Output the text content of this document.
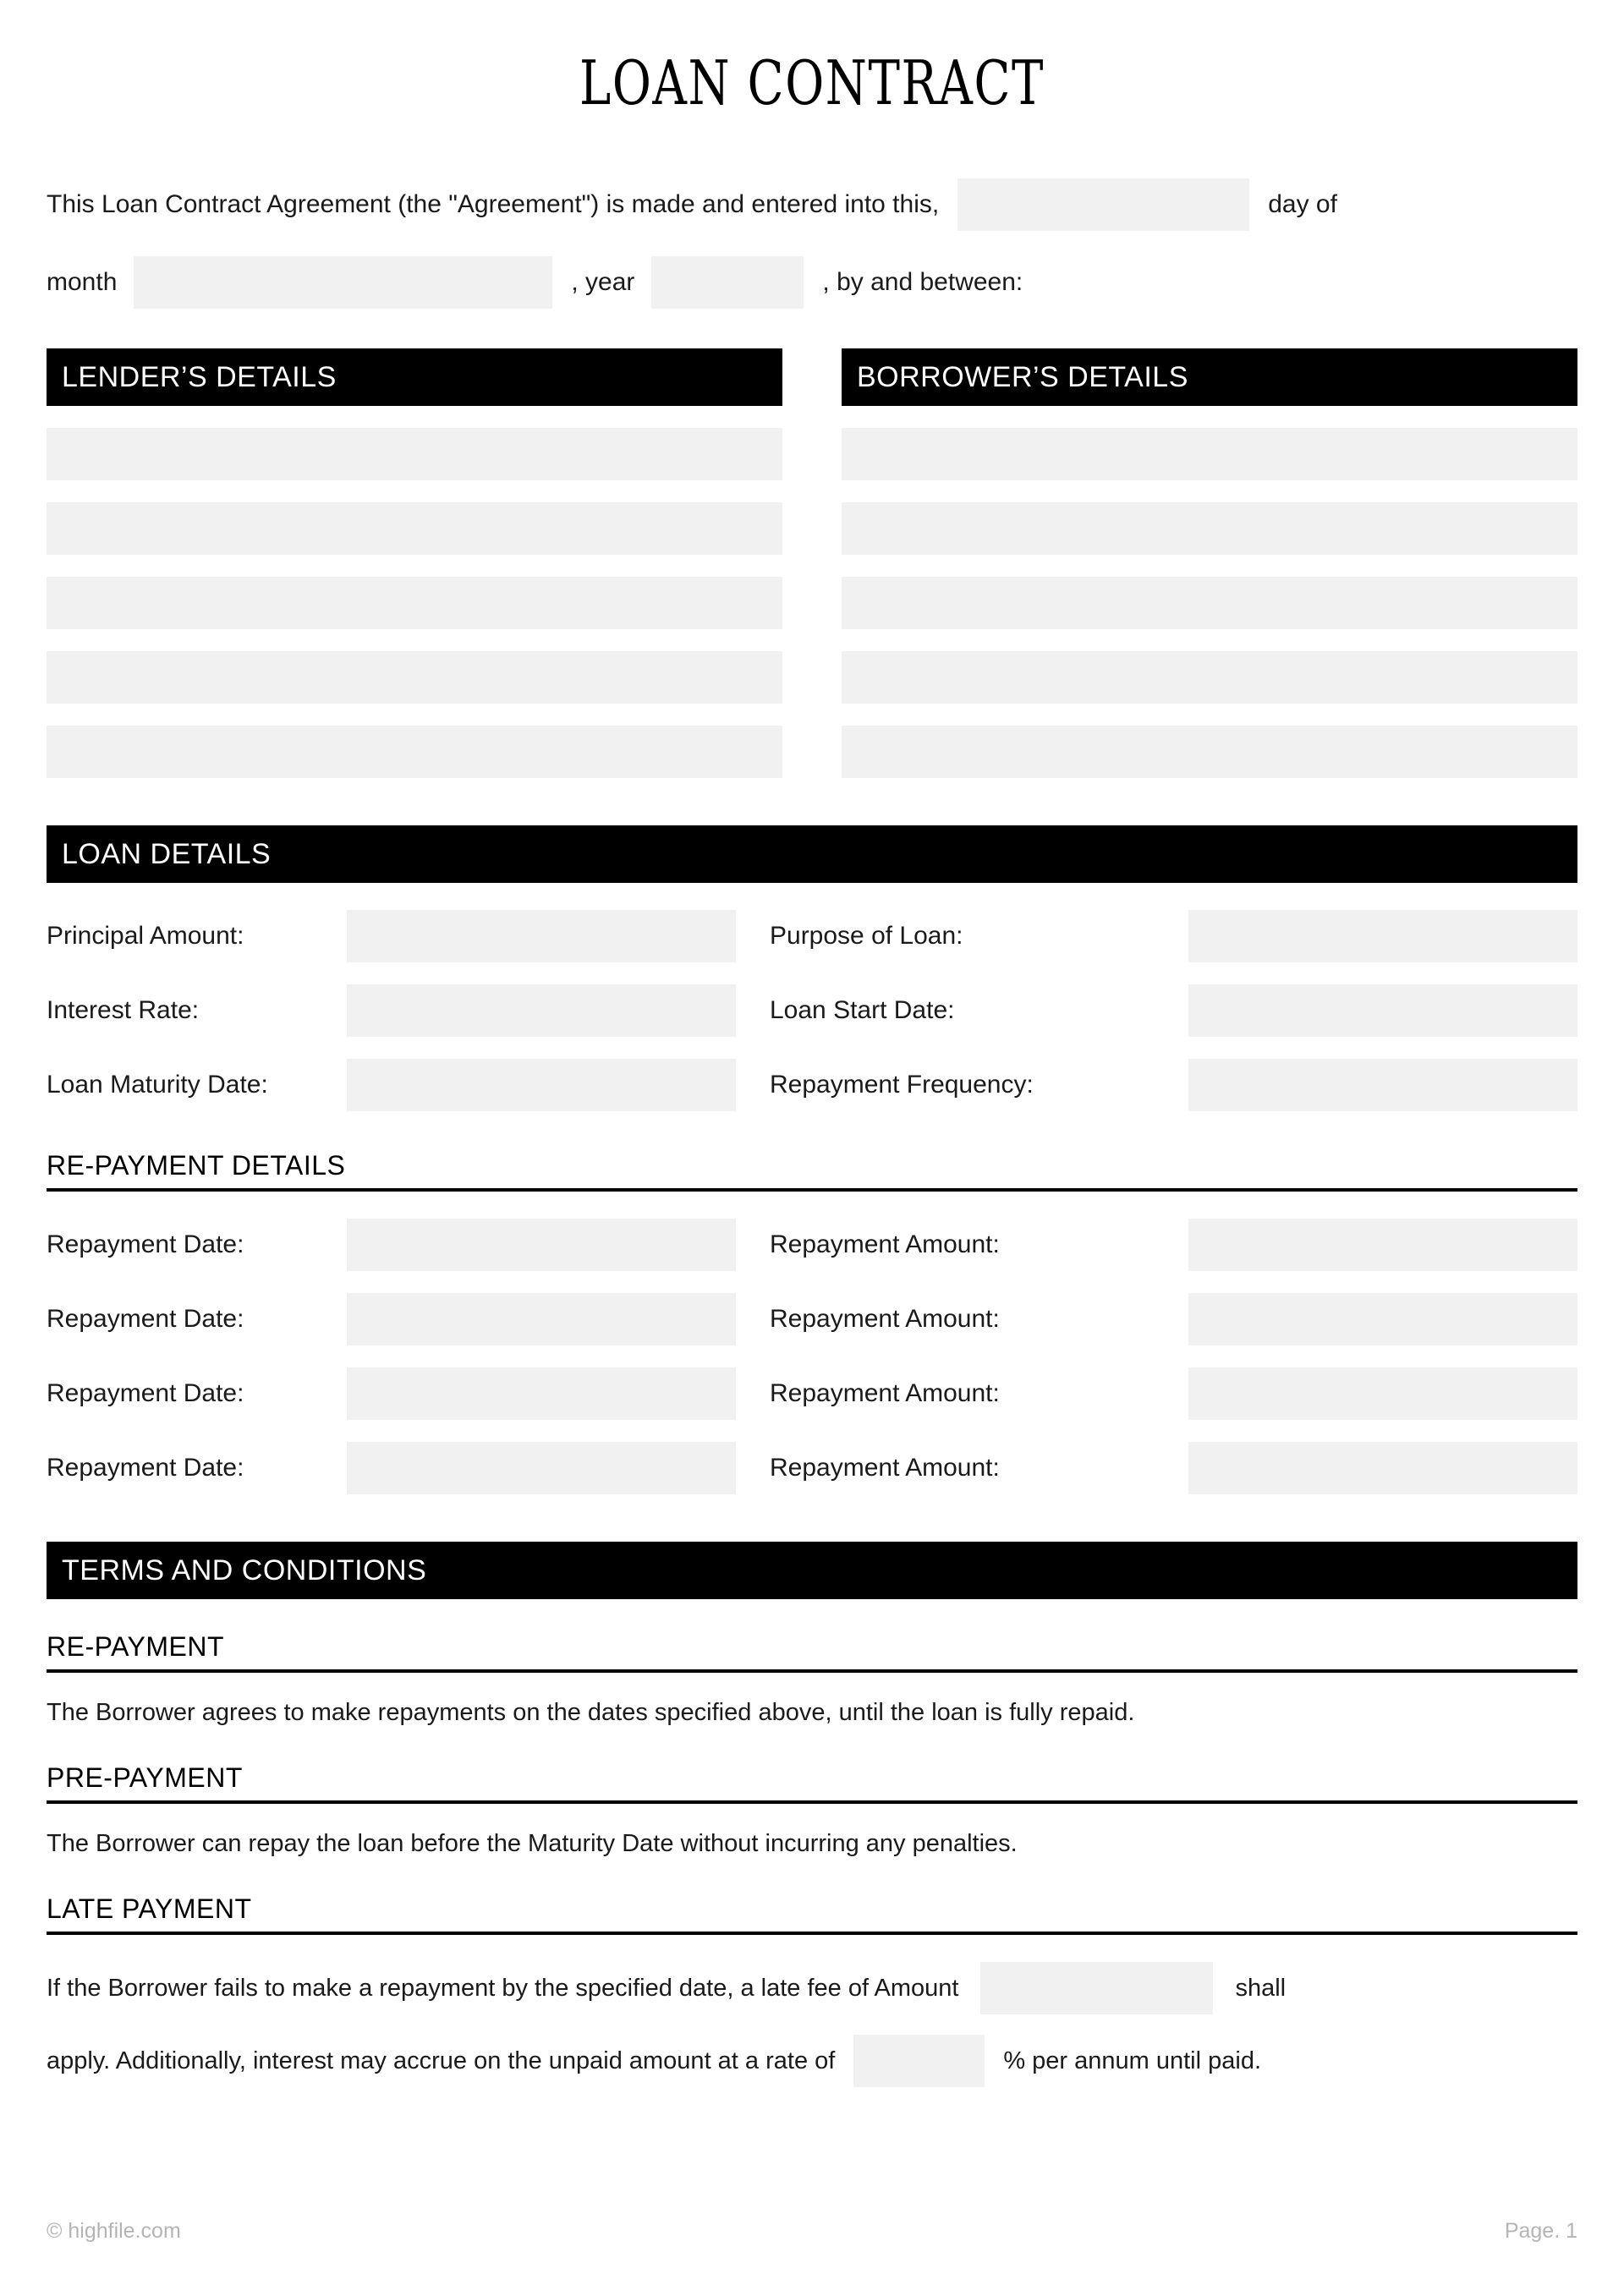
LOAN CONTRACT
This Loan Contract Agreement (the "Agreement") is made and entered into this,	day of
month	, year	, by and between:
LENDER’S DETAILS	BORROWER’S DETAILS
LOAN DETAILS
Principal Amount:	Purpose of Loan:
Interest Rate:	Loan Start Date:
Loan Maturity Date:	Repayment Frequency:
RE-PAYMENT DETAILS
Repayment Date:	Repayment Amount:
Repayment Date:	Repayment Amount:
Repayment Date:	Repayment Amount:
Repayment Date:	Repayment Amount:
TERMS AND CONDITIONS
RE-PAYMENT

The Borrower agrees to make repayments on the dates specified above, until the loan is fully repaid.

PRE-PAYMENT

The Borrower can repay the loan before the Maturity Date without incurring any penalties.

LATE PAYMENT
If the Borrower fails to make a repayment by the specified date, a late fee of Amount	shall
apply. Additionally, interest may accrue on the unpaid amount at a rate of	% per annum until paid.
© highfile.com	Page. 1
